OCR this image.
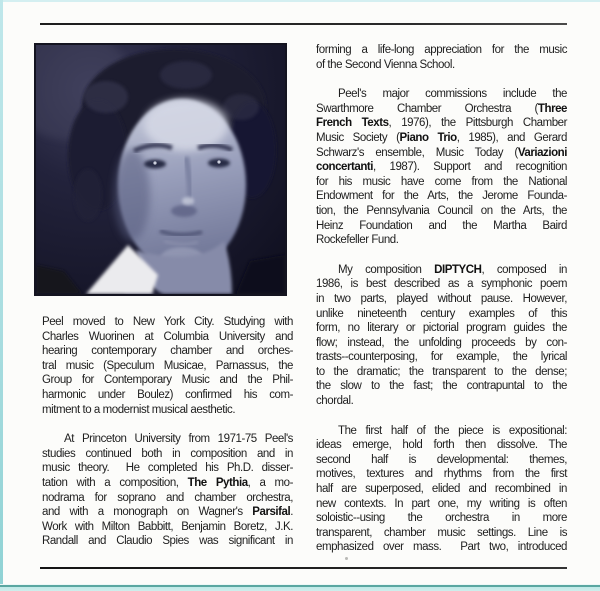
Peel moved to New York City. Studying with
Charles Wuorinen at Columbia University and
hearing contemporary chamber and orches-
tral music (Speculum Musicae, Parnassus, the
Group for Contemporary Music and the Phil-
harmonic under Boulez) confirmed his com-
mitment to a modernist musical aesthetic.
At Princeton University from 1971-75 Peel's
studies continued both in composition and in
music theory.  He completed his Ph.D. disser-
tation with a composition, The Pythia, a mo-
nodrama for soprano and chamber orchestra,
and with a monograph on Wagner's Parsifal.
Work with Milton Babbitt, Benjamin Boretz, J.K.
Randall and Claudio Spies was significant in
forming a life-long appreciation for the music
of the Second Vienna School.
Peel's major commissions include the
Swarthmore Chamber Orchestra (Three
French Texts, 1976), the Pittsburgh Chamber
Music Society (Piano Trio, 1985), and Gerard
Schwarz's ensemble, Music Today (Variazioni
concertanti, 1987). Support and recognition
for his music have come from the National
Endowment for the Arts, the Jerome Founda-
tion, the Pennsylvania Council on the Arts, the
Heinz Foundation and the Martha Baird
Rockefeller Fund.
My composition DIPTYCH, composed in
1986, is best described as a symphonic poem
in two parts, played without pause. However,
unlike nineteenth century examples of this
form, no literary or pictorial program guides the
flow; instead, the unfolding proceeds by con-
trasts--counterposing, for example, the lyrical
to the dramatic; the transparent to the dense;
the slow to the fast; the contrapuntal to the
chordal.
The first half of the piece is expositional:
ideas emerge, hold forth then dissolve. The
second half is developmental: themes,
motives, textures and rhythms from the first
half are superposed, elided and recombined in
new contexts. In part one, my writing is often
soloistic--using the orchestra in more
transparent, chamber music settings. Line is
emphasized over mass.  Part two, introduced
